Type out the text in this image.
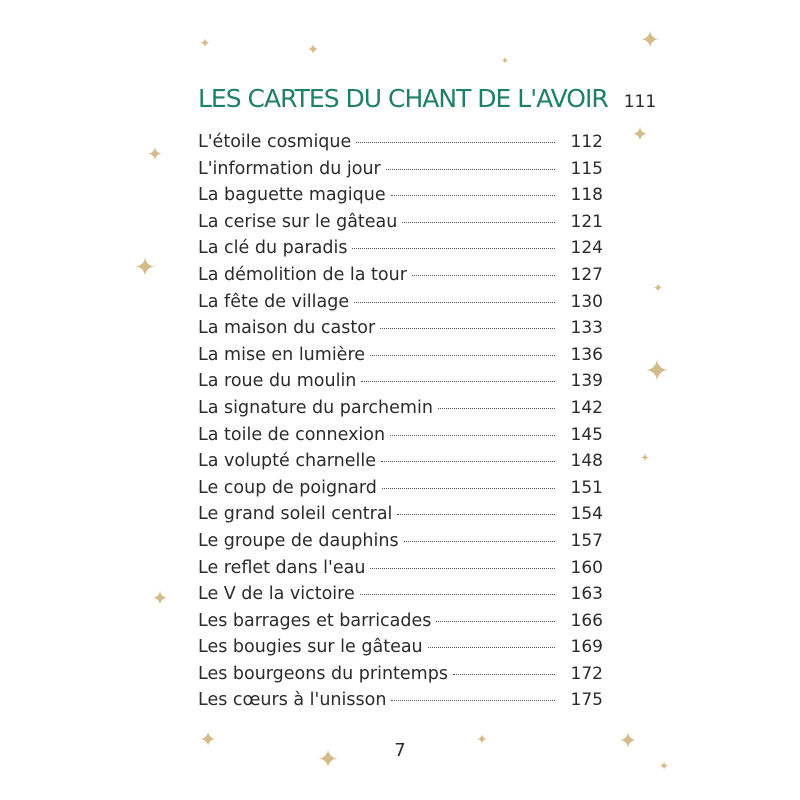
✦	✦
✦
✦
✦
✦
✦
✦
✦
✦
✦
✦
✦
✦	✦
✦
LES CARTES DU CHANT DE L'AVOIR 111
L'étoile cosmique	112
L'information du jour	115
La baguette magique	118
La cerise sur le gâteau	121
La clé du paradis	124
La démolition de la tour	127
La fête de village	130
La maison du castor	133
La mise en lumière	136
La roue du moulin	139
La signature du parchemin	142
La toile de connexion	145
La volupté charnelle	148
Le coup de poignard	151
Le grand soleil central	154
Le groupe de dauphins	157
Le reflet dans l'eau	160
Le V de la victoire	163
Les barrages et barricades	166
Les bougies sur le gâteau	169
Les bourgeons du printemps	172
Les cœurs à l'unisson	175
7
